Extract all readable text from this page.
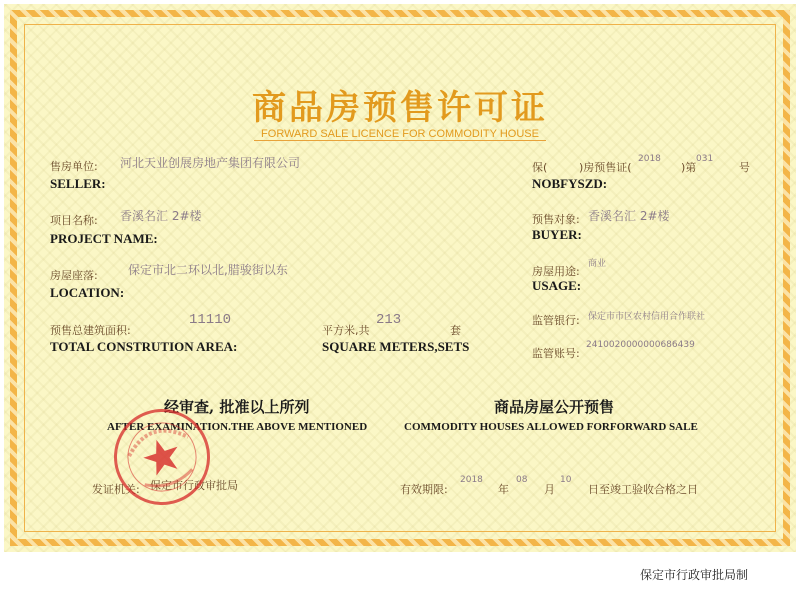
商品房预售许可证
FORWARD SALE LICENCE FOR COMMODITY HOUSE
售房单位: 河北天业创展房地产集团有限公司
SELLER:
项目名称: 香溪名汇 2#楼
PROJECT NAME:
房屋座落:	保定市北二环以北,腊骏街以东
LOCATION:
预售总建筑面积:
11110
平方米,共
213
套
TOTAL CONSTRUTION AREA:	SQUARE METERS,SETS
保(	)房预售证(
2018
)第
031
号
NOBFYSZD:
预售对象: 香溪名汇 2#楼
BUYER:
房屋用途:
商业
USAGE:
监管银行: 保定市市区农村信用合作联社
监管账号:
2410020000000686439
经审查, 批准以上所列	商品房屋公开预售
AFTER EXAMINATION.THE ABOVE MENTIONED	COMMODITY HOUSES ALLOWED FORFORWARD SALE
发证机关: 保定市行政审批局	有效期限:
2018
年
08
月
10
日至竣工验收合格之日
保定市行政审批局制
